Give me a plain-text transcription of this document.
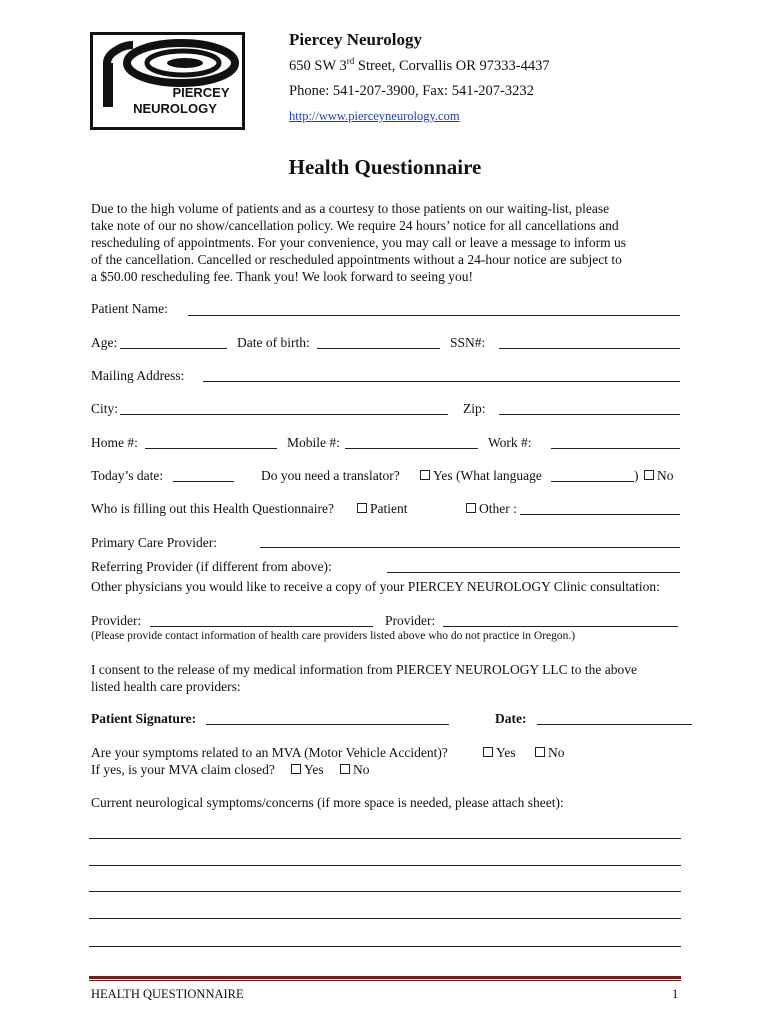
PIERCEY
NEUROLOGY
Piercey Neurology
650 SW 3rd Street, Corvallis OR 97333-4437
Phone: 541-207-3900, Fax: 541-207-3232
http://www.pierceyneurology.com
Health Questionnaire
Due to the high volume of patients and as a courtesy to those patients on our waiting-list, please
take note of our no show/cancellation policy. We require 24 hours’ notice for all cancellations and
rescheduling of appointments. For your convenience, you may call or leave a message to inform us
of the cancellation. Cancelled or rescheduled appointments without a 24-hour notice are subject to
a $50.00 rescheduling fee. Thank you! We look forward to seeing you!
Patient Name:
Age:	Date of birth:	SSN#:
Mailing Address:
City:	Zip:
Home #:	Mobile #:	Work #:
Today’s date:	Do you need a translator?	Yes (What language	)	No
Who is filling out this Health Questionnaire?	Patient	Other :
Primary Care Provider:
Referring Provider (if different from above):
Other physicians you would like to receive a copy of your PIERCEY NEUROLOGY Clinic consultation:
Provider:	Provider:
(Please provide contact information of health care providers listed above who do not practice in Oregon.)
I consent to the release of my medical information from PIERCEY NEUROLOGY LLC to the above
listed health care providers:
Patient Signature:	Date:
Are your symptoms related to an MVA (Motor Vehicle Accident)?	Yes	No
If yes, is your MVA claim closed?	Yes	No
Current neurological symptoms/concerns (if more space is needed, please attach sheet):
HEALTH QUESTIONNAIRE	1
